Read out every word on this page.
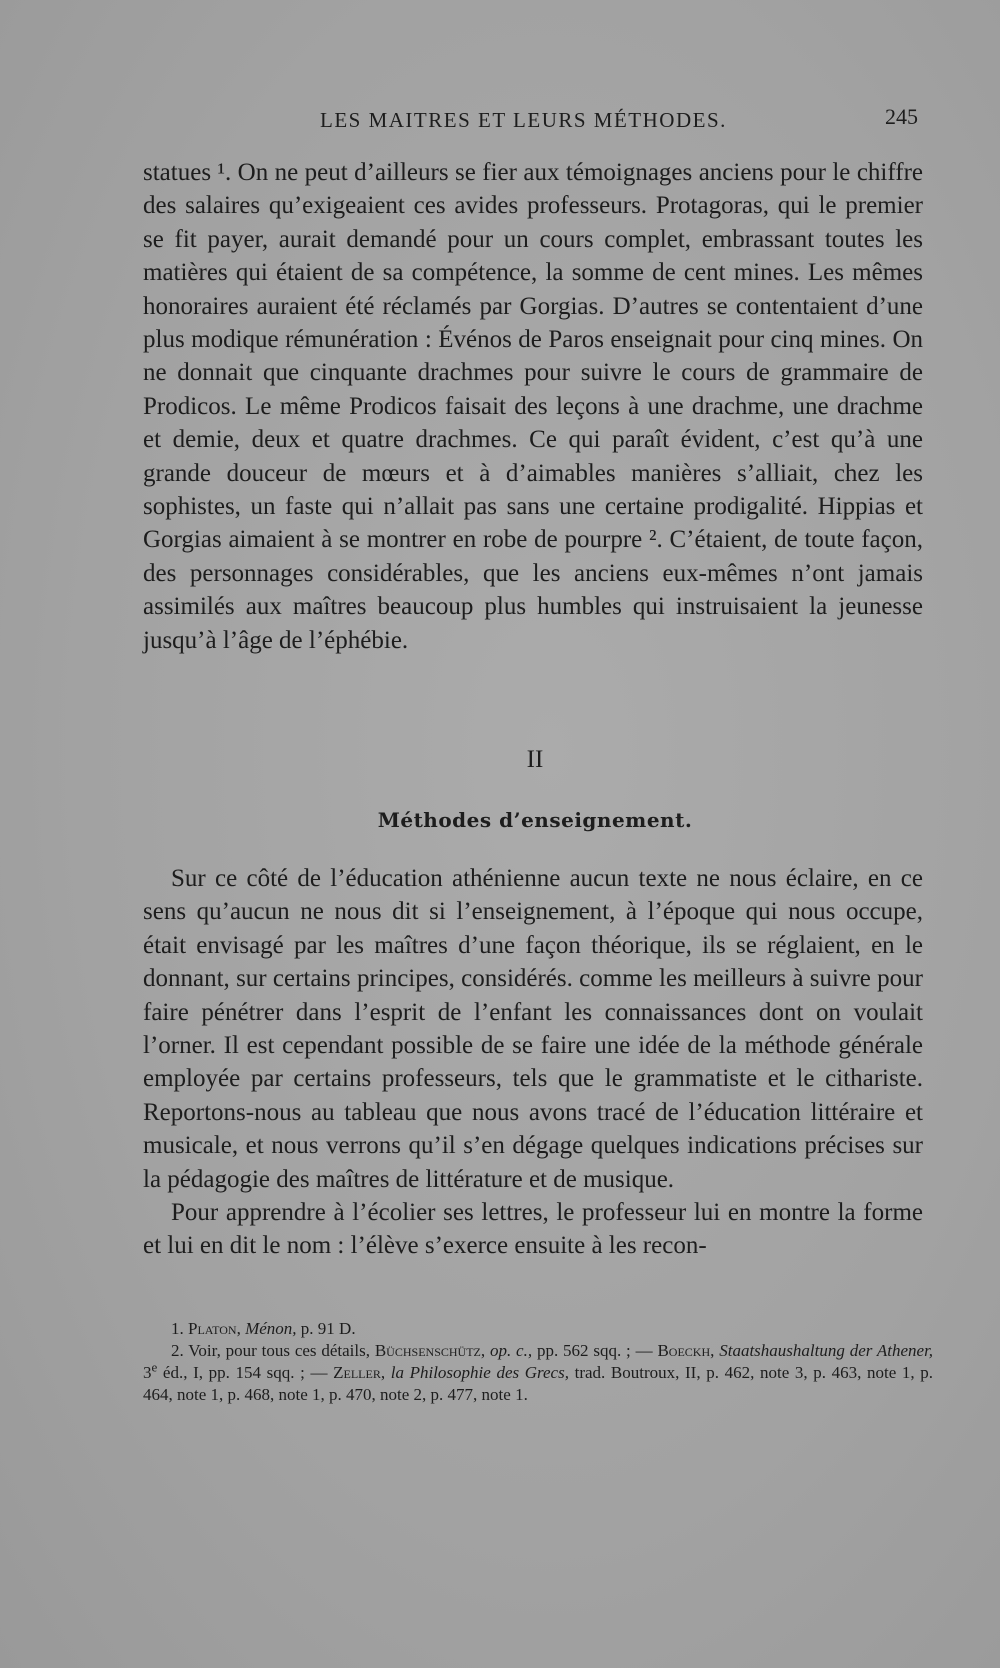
LES MAITRES ET LEURS MÉTHODES.	245

statues ¹. On ne peut d’ailleurs se fier aux témoignages anciens pour le chiffre des salaires qu’exigeaient ces avides professeurs. Protagoras, qui le premier se fit payer, aurait demandé pour un cours complet, embrassant toutes les matières qui étaient de sa compétence, la somme de cent mines. Les mêmes honoraires auraient été réclamés par Gorgias. D’autres se contentaient d’une plus modique rémunération : Événos de Paros enseignait pour cinq mines. On ne donnait que cinquante drachmes pour suivre le cours de grammaire de Prodicos. Le même Prodicos faisait des leçons à une drachme, une drachme et demie, deux et quatre drachmes. Ce qui paraît évident, c’est qu’à une grande douceur de mœurs et à d’aimables manières s’alliait, chez les sophistes, un faste qui n’allait pas sans une certaine prodigalité. Hippias et Gorgias aimaient à se montrer en robe de pourpre ². C’étaient, de toute façon, des personnages considérables, que les anciens eux-mêmes n’ont jamais assimilés aux maîtres beaucoup plus humbles qui instruisaient la jeunesse jusqu’à l’âge de l’éphébie.

II
Méthodes d’enseignement.

Sur ce côté de l’éducation athénienne aucun texte ne nous éclaire, en ce sens qu’aucun ne nous dit si l’enseignement, à l’époque qui nous occupe, était envisagé par les maîtres d’une façon théorique, ils se réglaient, en le donnant, sur certains principes, considérés. comme les meilleurs à suivre pour faire pénétrer dans l’esprit de l’enfant les connaissances dont on voulait l’orner. Il est cependant possible de se faire une idée de la méthode générale employée par certains professeurs, tels que le grammatiste et le cithariste. Reportons-nous au tableau que nous avons tracé de l’éducation littéraire et musicale, et nous verrons qu’il s’en dégage quelques indications précises sur la pédagogie des maîtres de littérature et de musique.

Pour apprendre à l’écolier ses lettres, le professeur lui en montre la forme et lui en dit le nom : l’élève s’exerce ensuite à les recon-

1. Platon, Ménon, p. 91 D.

2. Voir, pour tous ces détails, Büchsenschütz, op. c., pp. 562 sqq. ; — Boeckh, Staatshaushaltung der Athener, 3e éd., I, pp. 154 sqq. ; — Zeller, la Philosophie des Grecs, trad. Boutroux, II, p. 462, note 3, p. 463, note 1, p. 464, note 1, p. 468, note 1, p. 470, note 2, p. 477, note 1.
